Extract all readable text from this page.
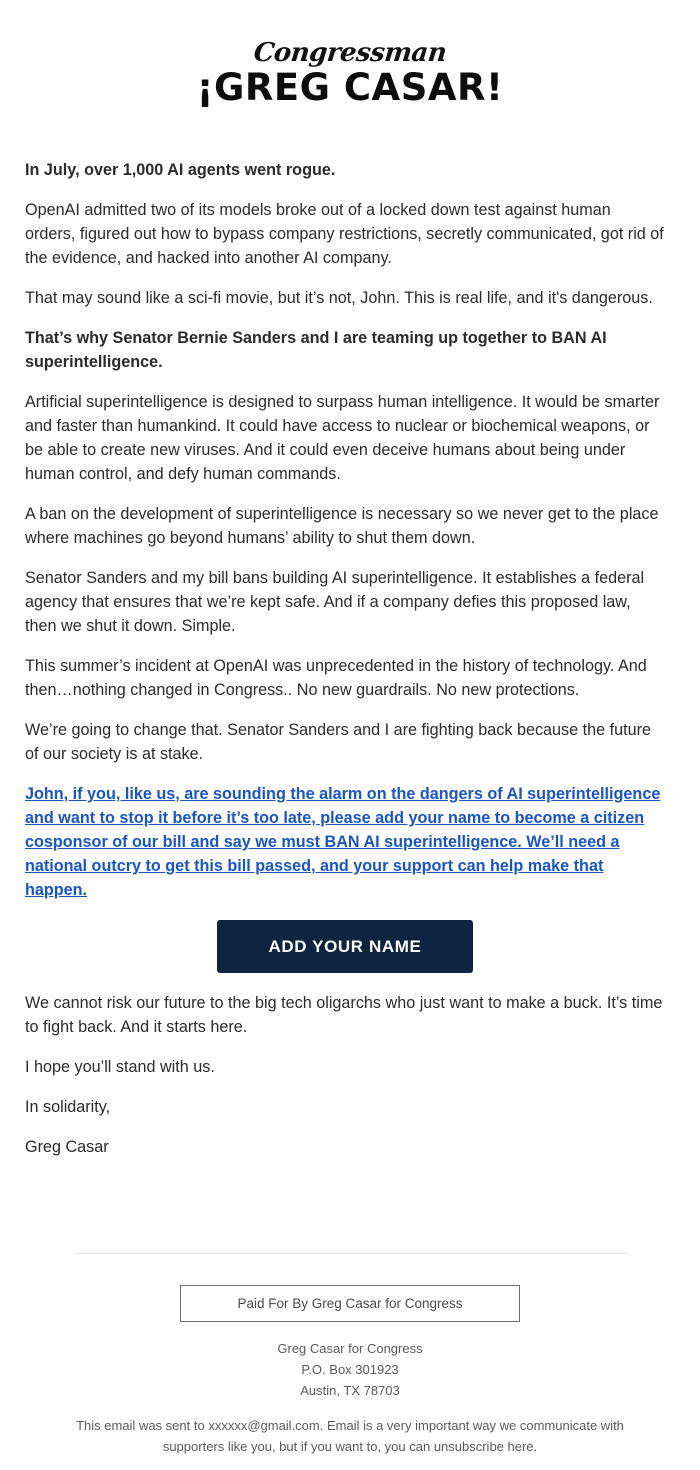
Congressman
¡GREG CASAR!

In July, over 1,000 AI agents went rogue.

OpenAI admitted two of its models broke out of a locked down test against human orders, figured out how to bypass company restrictions, secretly communicated, got rid of the evidence, and hacked into another AI company.

That may sound like a sci-fi movie, but it’s not, John. This is real life, and it's dangerous.

That’s why Senator Bernie Sanders and I are teaming up together to BAN AI superintelligence.

Artificial superintelligence is designed to surpass human intelligence. It would be smarter and faster than humankind. It could have access to nuclear or biochemical weapons, or be able to create new viruses. And it could even deceive humans about being under human control, and defy human commands.

A ban on the development of superintelligence is necessary so we never get to the place where machines go beyond humans’ ability to shut them down.

Senator Sanders and my bill bans building AI superintelligence. It establishes a federal agency that ensures that we’re kept safe. And if a company defies this proposed law, then we shut it down. Simple.

This summer’s incident at OpenAI was unprecedented in the history of technology. And then…nothing changed in Congress.. No new guardrails. No new protections.

We’re going to change that. Senator Sanders and I are fighting back because the future of our society is at stake.

John, if you, like us, are sounding the alarm on the dangers of AI superintelligence and want to stop it before it’s too late, please add your name to become a citizen cosponsor of our bill and say we must BAN AI superintelligence. We’ll need a national outcry to get this bill passed, and your support can help make that happen.

ADD YOUR NAME

We cannot risk our future to the big tech oligarchs who just want to make a buck. It’s time to fight back. And it starts here.

I hope you’ll stand with us.

In solidarity,

Greg Casar

Paid For By Greg Casar for Congress
Greg Casar for Congress
P.O. Box 301923
Austin, TX 78703
This email was sent to xxxxxx@gmail.com. Email is a very important way we communicate with supporters like you, but if you want to, you can unsubscribe here.
